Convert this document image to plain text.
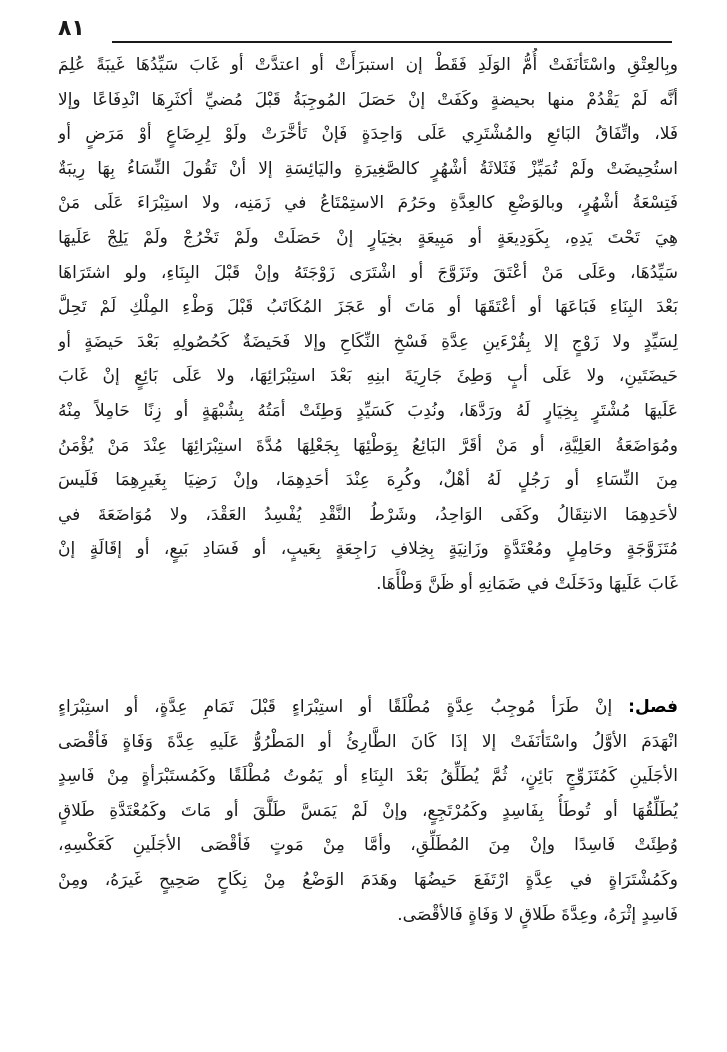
٨١
وبِالعِتْقِ واسْتَأنَفَتْ أُمُّ الوَلَدِ فَقَطْ إن استبرَأَتْ أو اعتدَّتْ أو غَابَ سَيِّدُهَا غَيبَةً عُلِمَ
أنَّه لَمْ يَقْدُمْ منها بحيضةٍ وكَفَتْ إنْ حَصَلَ المُوجِبَةُ قَبْلَ مُضيِّ أكثَرِهَا انْدِفَاعًا وإلا
فَلا، واتِّفَاقُ البَائعِ والمُشْتَرِي عَلَى وَاحِدَةٍ فَإنْ تَأخَّرَتْ ولَوْ لِرِضَاعٍ أوْ مَرَضٍ أو
استُحِيضَتْ ولَمْ تُمَيِّزْ فَثَلاثَةُ أشْهُرٍ كالصَّغِيرَةِ واليَائِسَةِ إلا أنْ تَقُولَ النِّسَاءُ بِهَا رِيبَةٌ
فَتِسْعَةُ أشْهُرٍ، وبالوَضْعِ كالعِدَّةِ وحَرُمَ الاستِمْتَاعُ في زَمَنِه، ولا استِبْرَاءَ عَلَى مَنْ
هِيَ تَحْتَ يَدِهِ، بِكَوَدِيعَةٍ أو مَبِيعَةٍ بخِيَارٍ إنْ حَصَلَتْ ولَمْ تَخْرُجْ ولَمْ يَلِجْ عَلَيهَا
سَيِّدُهَا، وعَلَى مَنْ أعْتَقَ وتَزَوَّجَ أو اشْتَرَى زَوْجَتَهُ وإنْ قَبْلَ البِنَاءِ، ولو اشتَرَاهَا
بَعْدَ البِنَاءِ فَبَاعَهَا أو أعْتَقَهَا أو مَاتَ أو عَجَزَ المُكَاتَبُ قَبْلَ وَطْءِ المِلْكِ لَمْ تَحِلَّ
لِسَيِّدٍ ولا زَوْجٍ إلا بِقُرْءَينِ عِدَّةِ فَسْخِ النِّكَاحِ وإلا فَحَيضَةٌ كَحُصُولِهِ بَعْدَ حَيضَةٍ أو
حَيضَتَينِ، ولا عَلَى أبٍ وَطِئَ جَارِيَةَ ابنِهِ بَعْدَ استِبْرَائِهَا، ولا عَلَى بَائِعٍ إنْ غَابَ
عَلَيهَا مُشْتَرٍ بِخِيَارٍ لَهُ ورَدَّهَا، ونُدِبَ كَسَيِّدٍ وَطِئَتْ أمَتُهُ بِشُبْهَةٍ أو زِنًا حَامِلاً مِنْهُ
ومُوَاضَعَةُ العَلِيَّةِ، أو مَنْ أقَرَّ البَائِعُ بِوَطْئِهَا بِجَعْلِهَا مُدَّةَ استِبْرَائِهَا عِنْدَ مَنْ يُؤْمَنُ
مِنَ النِّسَاءِ أو رَجُلٍ لَهُ أهْلٌ، وكُرِهَ عِنْدَ أحَدِهِمَا، وإنْ رَضِيَا بِغَيرِهِمَا فَلَيسَ
لأحَدِهِمَا الانتِقَالُ وكَفَى الوَاحِدُ، وشَرْطُ النَّقْدِ يُفْسِدُ العَقْدَ، ولا مُوَاضَعَةَ في
مُتَزَوَّجَةٍ وحَامِلٍ ومُعْتَدَّةٍ وزَانِيَةٍ بِخِلافِ رَاجِعَةٍ بِعَيبٍ، أو فَسَادِ بَيعٍ، أو إقَالَةٍ إنْ
غَابَ عَلَيهَا ودَخَلَتْ في ضَمَانِهِ أو ظَنَّ وَطْأَهَا.
فصل: إنْ طَرَأ مُوجِبُ عِدَّةٍ مُطْلَقًا أو استِبْرَاءٍ قَبْلَ تَمَامِ عِدَّةٍ، أو استِبْرَاءٍ
انْهَدَمَ الأوَّلُ واسْتَأنَفَتْ إلا إذَا كَانَ الطَّارِئُ أو المَطْرُوُّ عَلَيهِ عِدَّةَ وَفَاةٍ فَأقْصَى
الأجَلَينِ كَمُتَزَوِّجٍ بَائِنٍ، ثُمَّ يُطَلِّقُ بَعْدَ البِنَاءِ أو يَمُوتُ مُطْلَقًا وكَمُستَبْرَأةٍ مِنْ فَاسِدٍ
يُطَلِّقُهَا أو تُوطَأُ بِفَاسِدٍ وكَمُرْتَجِعٍ، وإنْ لَمْ يَمَسَّ طَلَّقَ أو مَاتَ وكَمُعْتَدَّةِ طَلاقٍ
وُطِئَتْ فَاسِدًا وإنْ مِنَ المُطَلِّقِ، وأمَّا مِنْ مَوتٍ فَأقْصَى الأجَلَينِ كَعَكْسِهِ،
وكَمُشْتَرَاةٍ في عِدَّةٍ ارْتَفَعَ حَيضُهَا وهَدَمَ الوَضْعُ مِنْ نِكَاحٍ صَحِيحٍ غَيرَهُ، ومِنْ
فَاسِدٍ إثْرَهُ، وعِدَّةَ طَلاقٍ لا وَفَاةٍ فَالأقْصَى.
